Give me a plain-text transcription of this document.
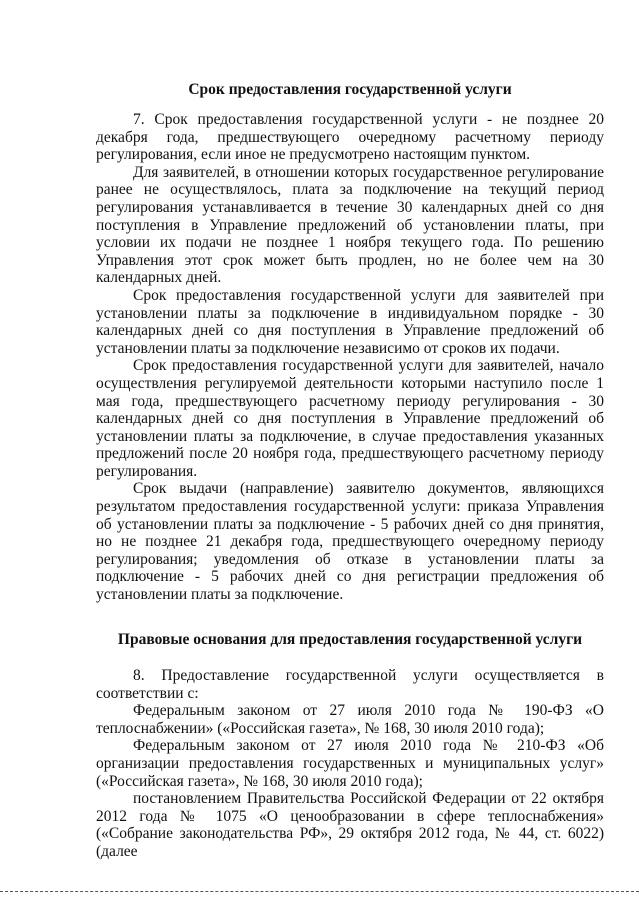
Срок предоставления государственной услуги

7. Срок предоставления государственной услуги - не позднее 20 декабря года, предшествующего очередному расчетному периоду регулирования, если иное не предусмотрено настоящим пунктом.

Для заявителей, в отношении которых государственное регулирование ранее не осуществлялось, плата за подключение на текущий период регулирования устанавливается в течение 30 календарных дней со дня поступления в Управление предложений об установлении платы, при условии их подачи не позднее 1 ноября текущего года. По решению Управления этот срок может быть продлен, но не более чем на 30 календарных дней.

Срок предоставления государственной услуги для заявителей при установлении платы за подключение в индивидуальном порядке - 30 календарных дней со дня поступления в Управление предложений об установлении платы за подключение независимо от сроков их подачи.

Срок предоставления государственной услуги для заявителей, начало осуществления регулируемой деятельности которыми наступило после 1 мая года, предшествующего расчетному периоду регулирования - 30 календарных дней со дня поступления в Управление предложений об установлении платы за подключение, в случае предоставления указанных предложений после 20 ноября года, предшествующего расчетному периоду регулирования.

Срок выдачи (направление) заявителю документов, являющихся результатом предоставления государственной услуги: приказа Управления об установлении платы за подключение - 5 рабочих дней со дня принятия, но не позднее 21 декабря года, предшествующего очередному периоду регулирования; уведомления об отказе в установлении платы за подключение - 5 рабочих дней со дня регистрации предложения об установлении платы за подключение.

Правовые основания для предоставления государственной услуги

8. Предоставление государственной услуги осуществляется в соответствии с:

Федеральным законом от 27 июля 2010 года № 190-ФЗ «О теплоснабжении» («Российская газета», № 168, 30 июля 2010 года);

Федеральным законом от 27 июля 2010 года № 210-ФЗ «Об организации предоставления государственных и муниципальных услуг» («Российская газета», № 168, 30 июля 2010 года);

постановлением Правительства Российской Федерации от 22 октября 2012 года № 1075 «О ценообразовании в сфере теплоснабжения» («Собрание законодательства РФ», 29 октября 2012 года, № 44, ст. 6022) (далее
